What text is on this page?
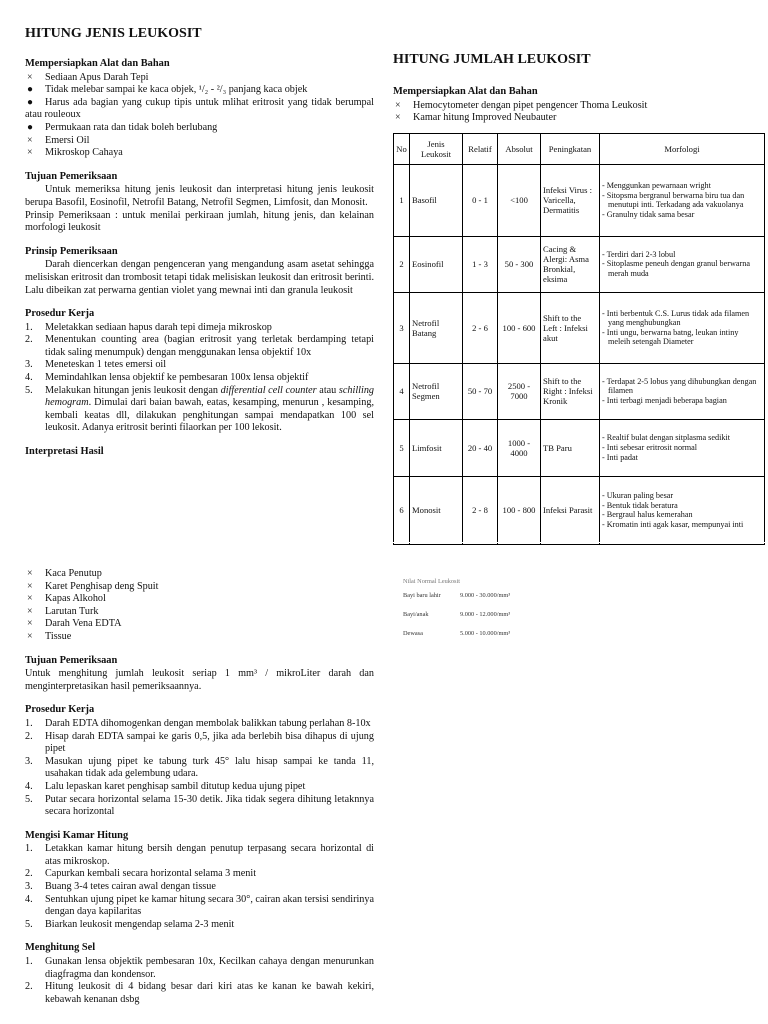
HITUNG JENIS LEUKOSIT
Mempersiapkan Alat dan Bahan
×	Sediaan Apus Darah Tepi
●	Tidak melebar sampai ke kaca objek, ¹/₂ - ²/₃ panjang kaca objek
● Harus ada bagian yang cukup tipis untuk mlihat eritrosit yang tidak berumpal atau rouleoux
●	Permukaan rata dan tidak boleh berlubang
×	Emersi Oil
×	Mikroskop Cahaya
Tujuan Pemeriksaan

Untuk memeriksa hitung jenis leukosit dan interpretasi hitung jenis leukosit berupa Basofil, Eosinofil, Netrofil Batang, Netrofil Segmen, Limfosit, dan Monosit.

Prinsip Pemeriksaan : untuk menilai perkiraan jumlah, hitung jenis, dan kelainan morfologi leukosit

Prinsip Pemeriksaan

Darah diencerkan dengan pengenceran yang mengandung asam asetat sehingga melisiskan eritrosit dan trombosit tetapi tidak melisiskan leukosit dan eritrosit berinti. Lalu dibeikan zat perwarna gentian violet yang mewnai inti dan granula leukosit

Prosedur Kerja
1. Meletakkan sediaan hapus darah tepi dimeja mikroskop
2. Menentukan counting area (bagian eritrosit yang terletak berdamping tetapi tidak saling menumpuk) dengan menggunakan lensa objektif 10x
3. Meneteskan 1 tetes emersi oil
4. Memindahlkan lensa objektif ke pembesaran 100x lensa objektif
5. Melakukan hitungan jenis leukosit dengan differential cell counter atau schilling hemogram. Dimulai dari baian bawah, eatas, kesamping, menurun , kesamping, kembali keatas dll, dilakukan penghitungan sampai mendapatkan 100 sel leukosit. Adanya eritrosit berinti filaorkan per 100 lekosit.
Interpretasi Hasil
HITUNG JUMLAH LEUKOSIT
Mempersiapkan Alat dan Bahan
×	Hemocytometer dengan pipet pengencer Thoma Leukosit
×	Kamar hitung Improved Neubauter
No	Jenis Leukosit	Relatif	Absolut	Peningkatan	Morfologi
1	Basofil	0 - 1	<100	Infeksi Virus : Varicella, Dermatitis	- Menggunkan pewarnaan wright
- Sitopsma bergranul berwarna biru tua dan menutupi inti. Terkadang ada vakuolanya
- Granulny tidak sama besar

2	Eosinofil	1 - 3	50 - 300	Cacing & Alergi: Asma Bronkial, eksima	- Terdiri dari 2-3 lobul
- Sitoplasme peneuh dengan granul berwarna merah muda

3	Netrofil Batang	2 - 6	100 - 600	Shift to the Left : Infeksi akut	- Inti berbentuk C.S. Lurus tidak ada filamen yang menghubungkan
- Inti ungu, berwarna batng, leukan intiny meleih setengah Diameter

4	Netrofil Segmen	50 - 70	2500 - 7000	Shift to the Right : Infeksi Kronik	- Terdapat 2-5 lobus yang dihubungkan dengan filamen
- Inti terbagi menjadi beberapa bagian

5	Limfosit	20 - 40	1000 - 4000	TB Paru	- Realtif bulat dengan sitplasma sedikit
- Inti sebesar eritrosit normal
- Inti padat

6	Monosit	2 - 8	100 - 800	Infeksi Parasit	- Ukuran paling besar
- Bentuk tidak beratura
- Bergraul halus kemerahan
- Kromatin inti agak kasar, mempunyai inti
Nilai Normal Leukosit
Bayi baru lahir	9.000 - 30.000/mm³
Bayi/anak	9.000 - 12.000/mm³
Dewasa	5.000 - 10.000/mm³
×	Kaca Penutup
×	Karet Penghisap deng Spuit
×	Kapas Alkohol
×	Larutan Turk
×	Darah Vena EDTA
×	Tissue
Tujuan Pemeriksaan

Untuk menghitung jumlah leukosit seriap 1 mm³ / mikroLiter darah dan menginterpretasikan hasil pemeriksaannya.

Prosedur Kerja
1. Darah EDTA dihomogenkan dengan membolak balikkan tabung perlahan 8-10x
2. Hisap darah EDTA sampai ke garis 0,5, jika ada berlebih bisa dihapus di ujung pipet
3. Masukan ujung pipet ke tabung turk 45° lalu hisap sampai ke tanda 11, usahakan tidak ada gelembung udara.
4. Lalu lepaskan karet penghisap sambil ditutup kedua ujung pipet
5. Putar secara horizontal selama 15-30 detik. Jika tidak segera dihitung letaknnya secara horizontal
Mengisi Kamar Hitung
1. Letakkan kamar hitung bersih dengan penutup terpasang secara horizontal di atas mikroskop.
2. Capurkan kembali secara horizontal selama 3 menit
3. Buang 3-4 tetes cairan awal dengan tissue
4. Sentuhkan ujung pipet ke kamar hitung secara 30°, cairan akan tersisi sendirinya dengan daya kapilaritas
5. Biarkan leukosit mengendap selama 2-3 menit
Menghitung Sel
1. Gunakan lensa objektik pembesaran 10x, Kecilkan cahaya dengan menurunkan diagfragma dan kondensor.
2. Hitung leukosit di 4 bidang besar dari kiri atas ke kanan ke bawah kekiri, kebawah kenanan dsbg
